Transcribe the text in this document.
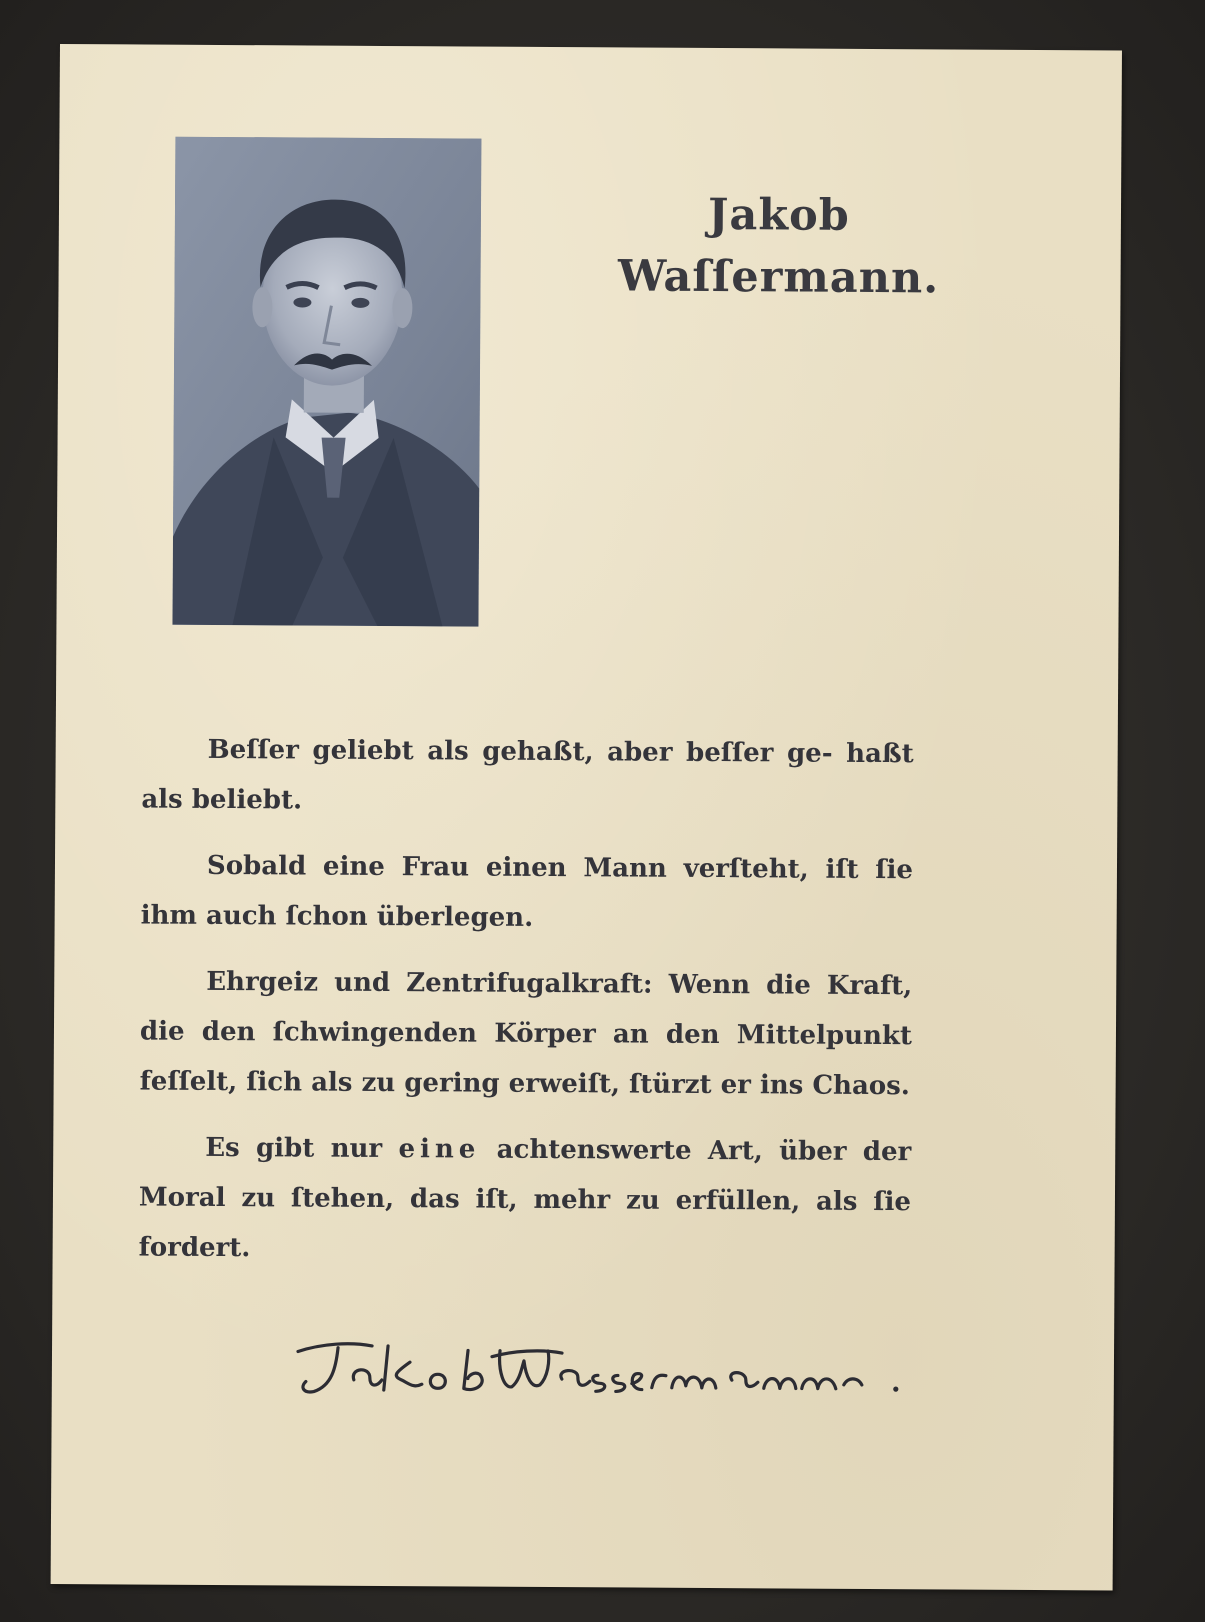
Jakob
Waſſermann.

Beſſer geliebt als gehaßt, aber beſſer ge- haßt als beliebt.

Sobald eine Frau einen Mann verſteht, iſt ſie ihm auch ſchon überlegen.

Ehrgeiz und Zentrifugalkraft: Wenn die Kraft, die den ſchwingenden Körper an den Mittelpunkt feſſelt, ſich als zu gering erweiſt, ſtürzt er ins Chaos.

Es gibt nur eine achtenswerte Art, über der Moral zu ſtehen, das iſt, mehr zu erfüllen, als ſie fordert.
